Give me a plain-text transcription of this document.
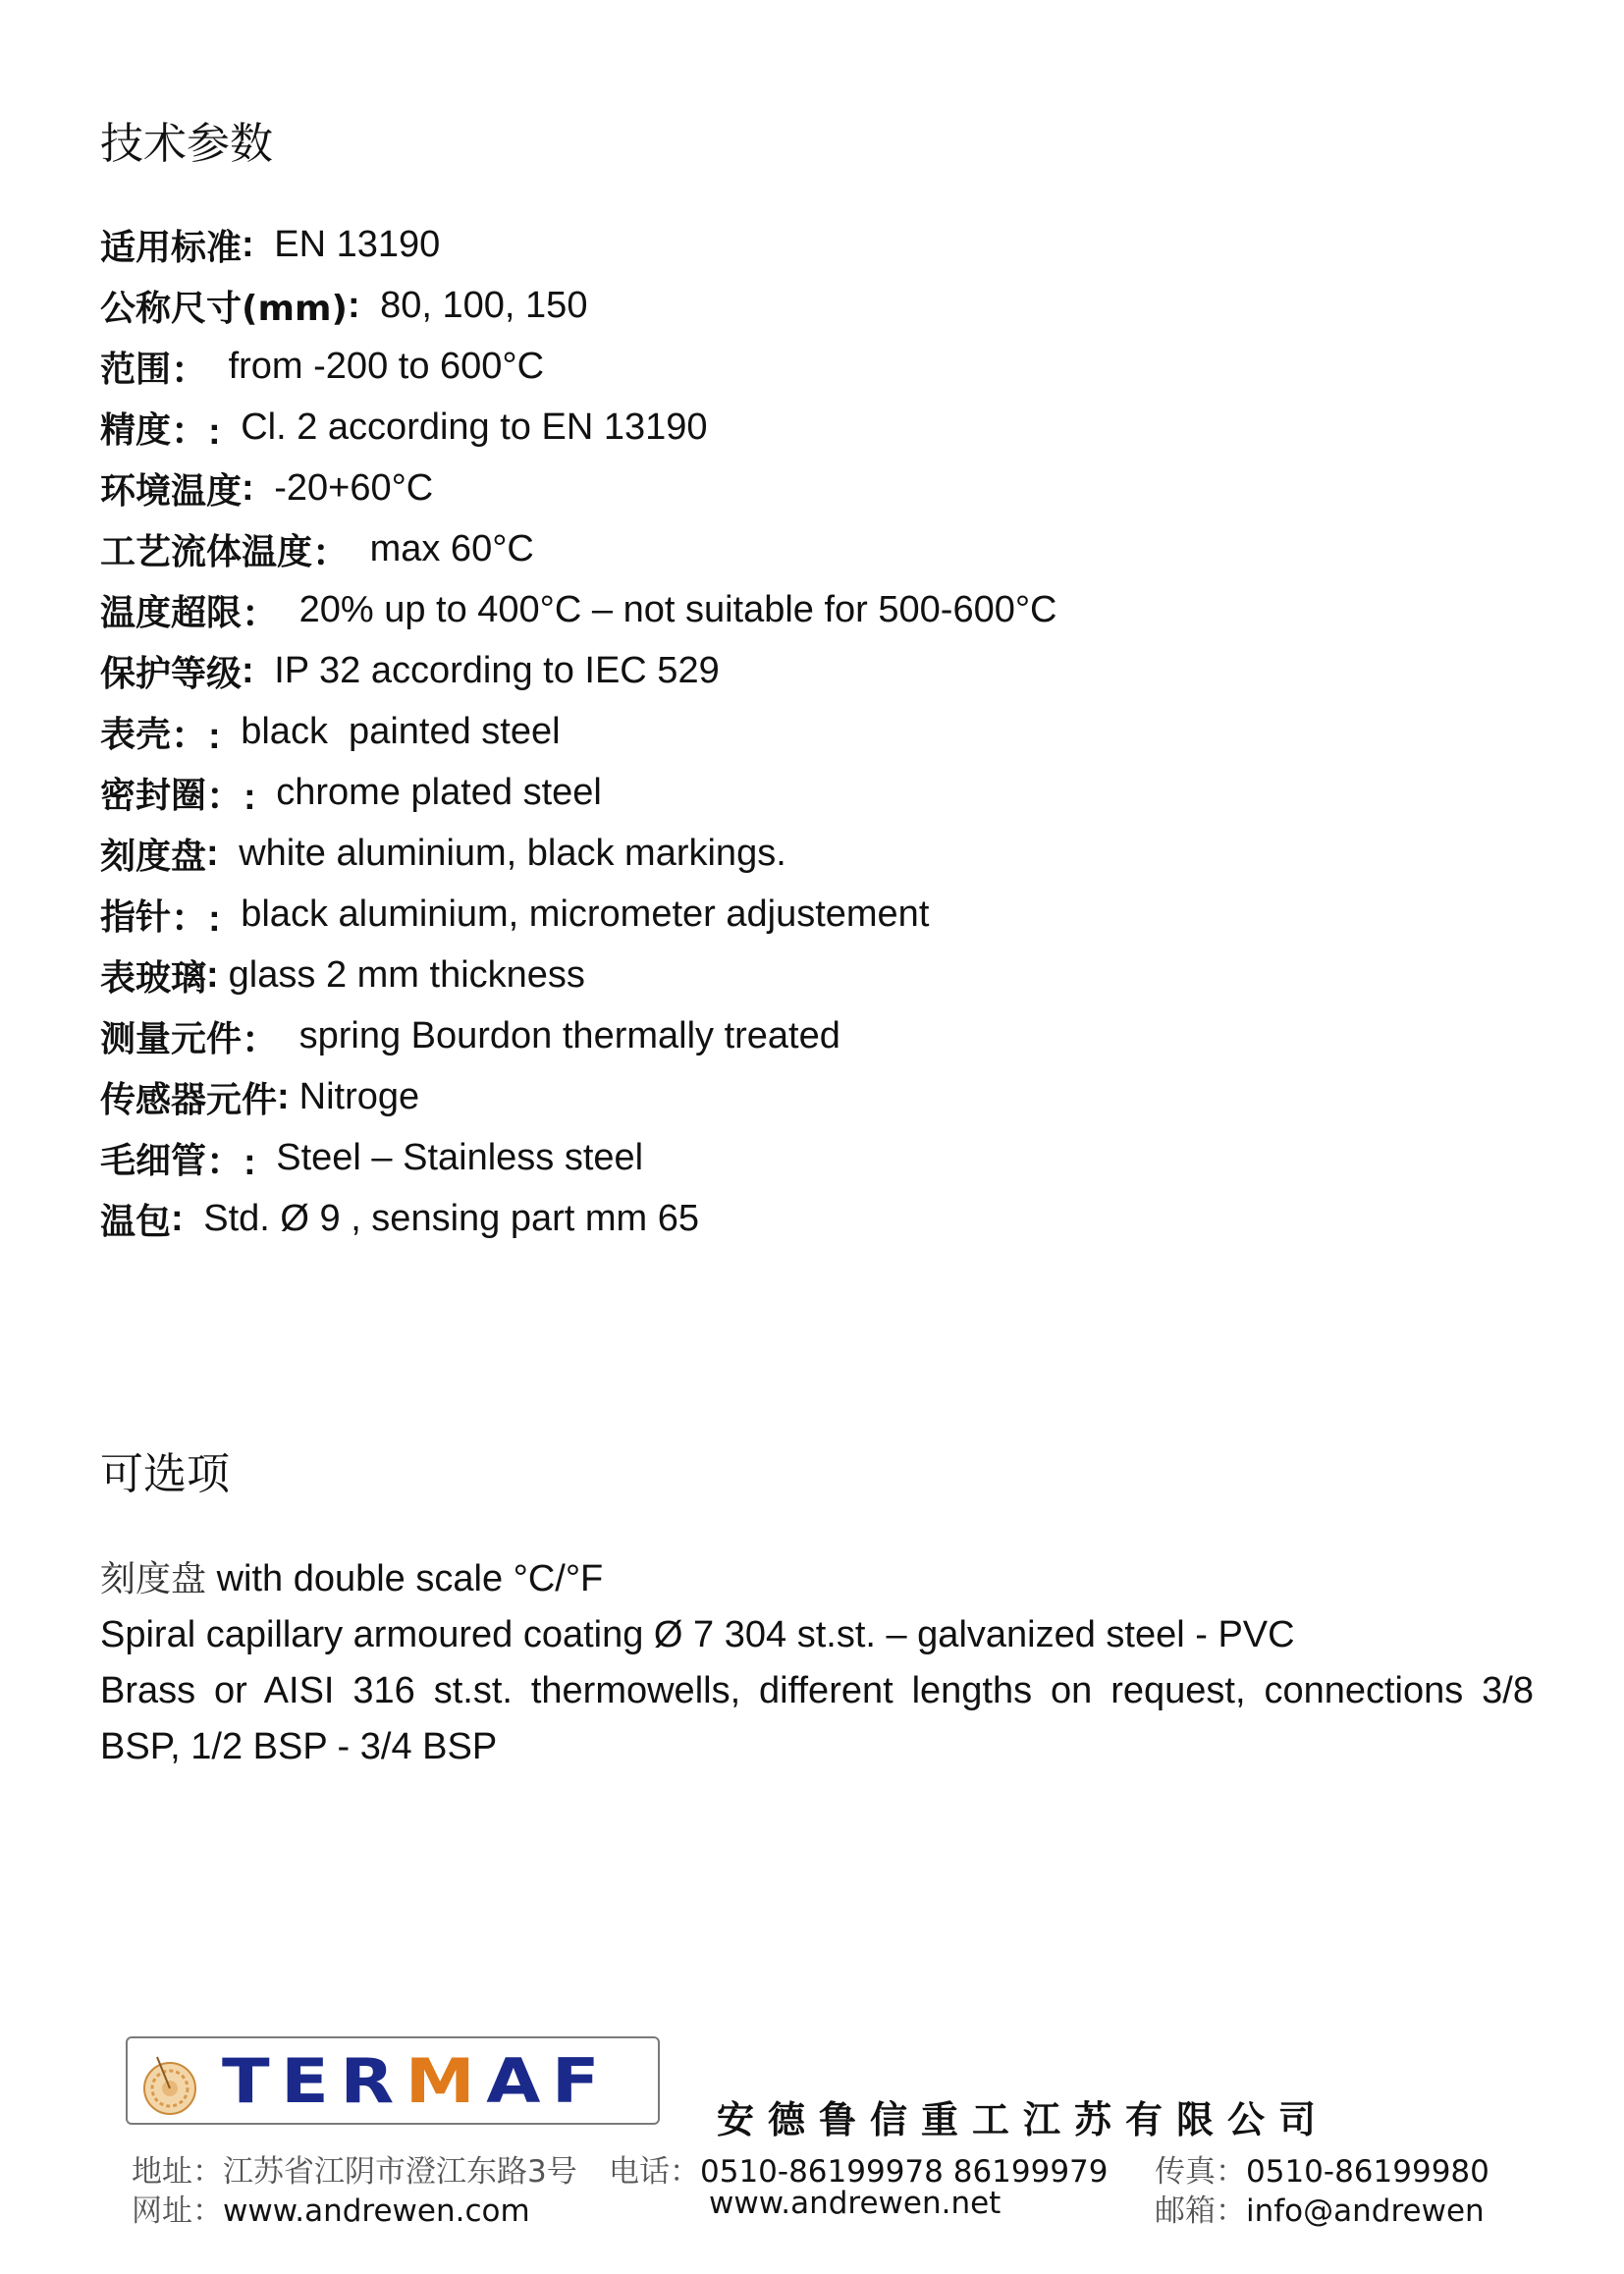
技术参数
适用标准 : EN 13190
公称尺寸(mm) : 80, 100, 150
范围 ： from -200 to 600°C
精度 ：: Cl. 2 according to EN 13190
环境温度 : -20+60°C
工艺流体温度 ： max 60°C
温度超限 ： 20% up to 400°C – not suitable for 500-600°C
保护等级 : IP 32 according to IEC 529
表壳 ：: black  painted steel
密封圈 ：: chrome plated steel
刻度盘 : white aluminium, black markings.
指针 ：: black aluminium, micrometer adjustement
表玻璃 : glass 2 mm thickness
测量元件 ： spring Bourdon thermally treated
传感器元件 : Nitroge
毛细管 ：: Steel – Stainless steel
温包 : Std. Ø 9 , sensing part mm 65
可选项
刻度盘 with double scale °C/°F
Spiral capillary armoured coating Ø 7 304 st.st. – galvanized steel - PVC
Brass or AISI 316 st.st. thermowells, different lengths on request, connections 3/8 BSP, 1/2 BSP - 3/4 BSP
TERMAF
安德鲁信重工江苏有限公司
地址：江苏省江阴市澄江东路3号 电话：0510-86199978 86199979 传真：0510-86199980
网址：www.andrewen.com	www.andrewen.net	邮箱：info@andrewen
